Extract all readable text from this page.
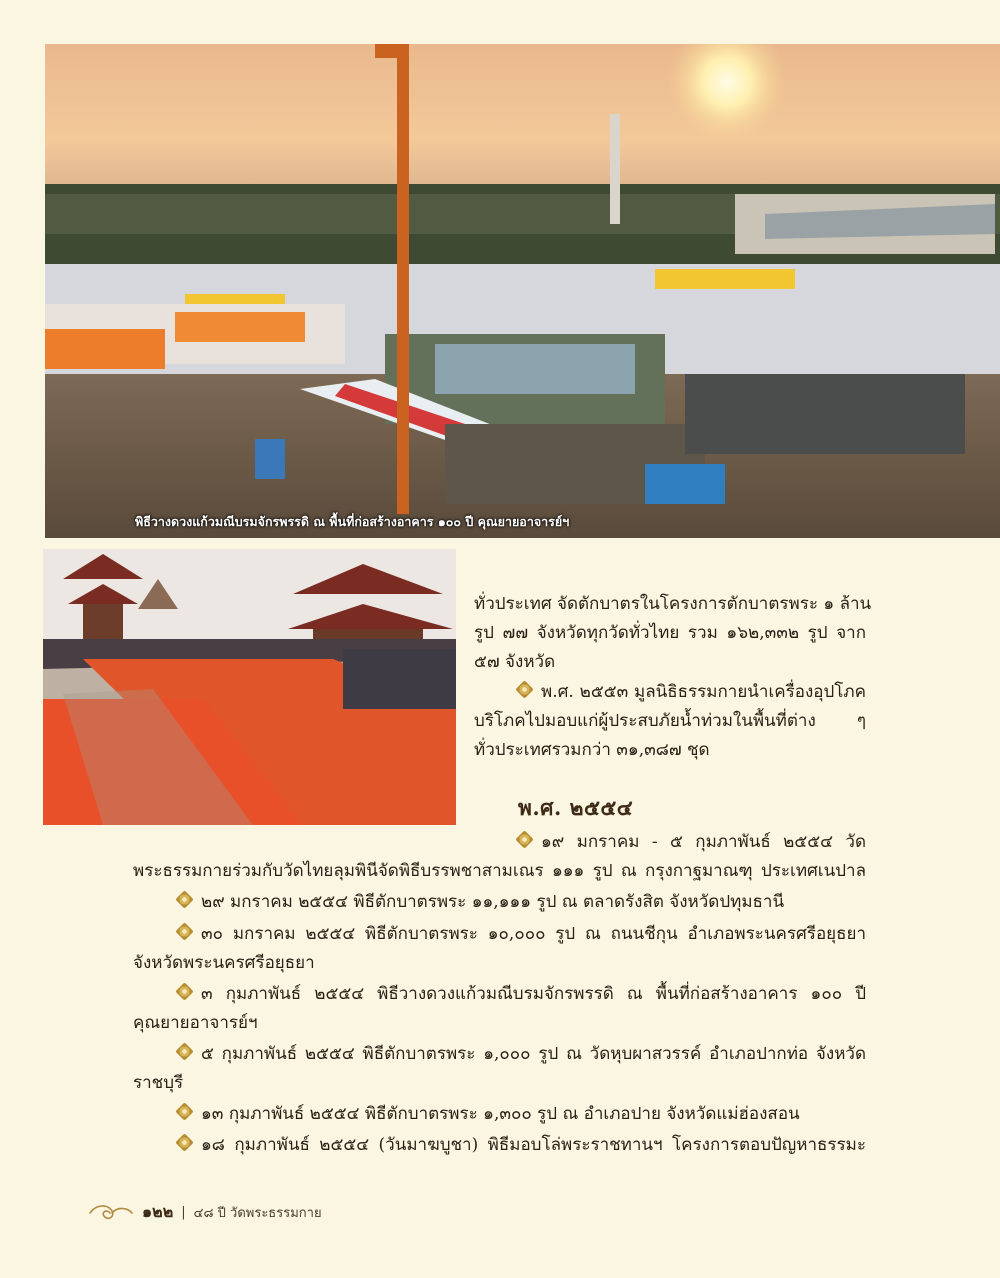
พิธีวางดวงแก้วมณีบรมจักรพรรดิ ณ พื้นที่ก่อสร้างอาคาร ๑๐๐ ปี คุณยายอาจารย์ฯ
ทั่วประเทศ จัดตักบาตรในโครงการตักบาตรพระ ๑ ล้าน
รูป ๗๗ จังหวัดทุกวัดทั่วไทย รวม ๑๖๒,๓๓๒ รูป จาก
๕๗ จังหวัด
พ.ศ. ๒๕๕๓ มูลนิธิธรรมกายนำเครื่องอุปโภค
บริโภคไปมอบแก่ผู้ประสบภัยน้ำท่วมในพื้นที่ต่าง ๆ
ทั่วประเทศรวมกว่า ๓๑,๓๘๗ ชุด
พ.ศ. ๒๕๕๔
๑๙ มกราคม - ๕ กุมภาพันธ์ ๒๕๕๔ วัด
พระธรรมกายร่วมกับวัดไทยลุมพินีจัดพิธีบรรพชาสามเณร ๑๑๑ รูป ณ กรุงกาฐมาณฑุ ประเทศเนปาล
๒๙ มกราคม ๒๕๕๔ พิธีตักบาตรพระ ๑๑,๑๑๑ รูป ณ ตลาดรังสิต จังหวัดปทุมธานี
๓๐ มกราคม ๒๕๕๔ พิธีตักบาตรพระ ๑๐,๐๐๐ รูป ณ ถนนชีกุน อำเภอพระนครศรีอยุธยา
จังหวัดพระนครศรีอยุธยา
๓ กุมภาพันธ์ ๒๕๕๔ พิธีวางดวงแก้วมณีบรมจักรพรรดิ ณ พื้นที่ก่อสร้างอาคาร ๑๐๐ ปี
คุณยายอาจารย์ฯ
๕ กุมภาพันธ์ ๒๕๕๔ พิธีตักบาตรพระ ๑,๐๐๐ รูป ณ วัดหุบผาสวรรค์ อำเภอปากท่อ จังหวัด
ราชบุรี
๑๓ กุมภาพันธ์ ๒๕๕๔ พิธีตักบาตรพระ ๑,๓๐๐ รูป ณ อำเภอปาย จังหวัดแม่ฮ่องสอน
๑๘ กุมภาพันธ์ ๒๕๕๔ (วันมาฆบูชา) พิธีมอบโล่พระราชทานฯ โครงการตอบปัญหาธรรมะ
๑๒๒ | ๔๘ ปี วัดพระธรรมกาย
